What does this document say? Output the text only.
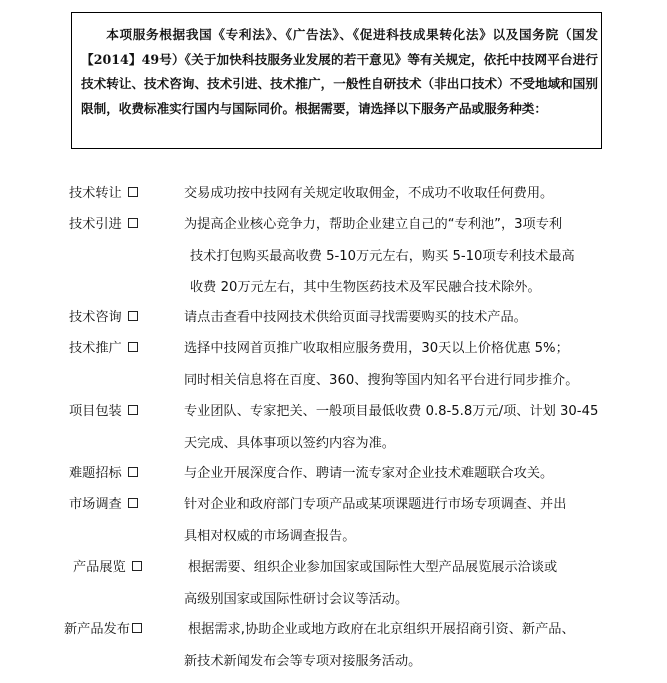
本项服务根据我国《专利法》、《广告法》、《促进科技成果转化法》以及国务院（国发【2014】49号）《关于加快科技服务业发展的若干意见》等有关规定，依托中技网平台进行技术转让、技术咨询、技术引进、技术推广，一般性自研技术（非出口技术）不受地域和国别限制，收费标准实行国内与国际同价。根据需要，请选择以下服务产品或服务种类：

技术转让	交易成功按中技网有关规定收取佣金，不成功不收取任何费用。
技术引进	为提高企业核心竞争力，帮助企业建立自己的“专利池”，3项专利
技术打包购买最高收费 5-10万元左右，购买 5-10项专利技术最高
收费 20万元左右，其中生物医药技术及军民融合技术除外。
技术咨询	请点击查看中技网技术供给页面寻找需要购买的技术产品。
技术推广	选择中技网首页推广收取相应服务费用，30天以上价格优惠 5%；
同时相关信息将在百度、360、搜狗等国内知名平台进行同步推介。
项目包装	专业团队、专家把关、一般项目最低收费 0.8-5.8万元/项、计划 30-45
天完成、具体事项以签约内容为准。
难题招标	与企业开展深度合作、聘请一流专家对企业技术难题联合攻关。
市场调查	针对企业和政府部门专项产品或某项课题进行市场专项调查、并出
具相对权威的市场调查报告。
产品展览	根据需要、组织企业参加国家或国际性大型产品展览展示洽谈或
高级别国家或国际性研讨会议等活动。
新产品发布	根据需求,协助企业或地方政府在北京组织开展招商引资、新产品、
新技术新闻发布会等专项对接服务活动。
